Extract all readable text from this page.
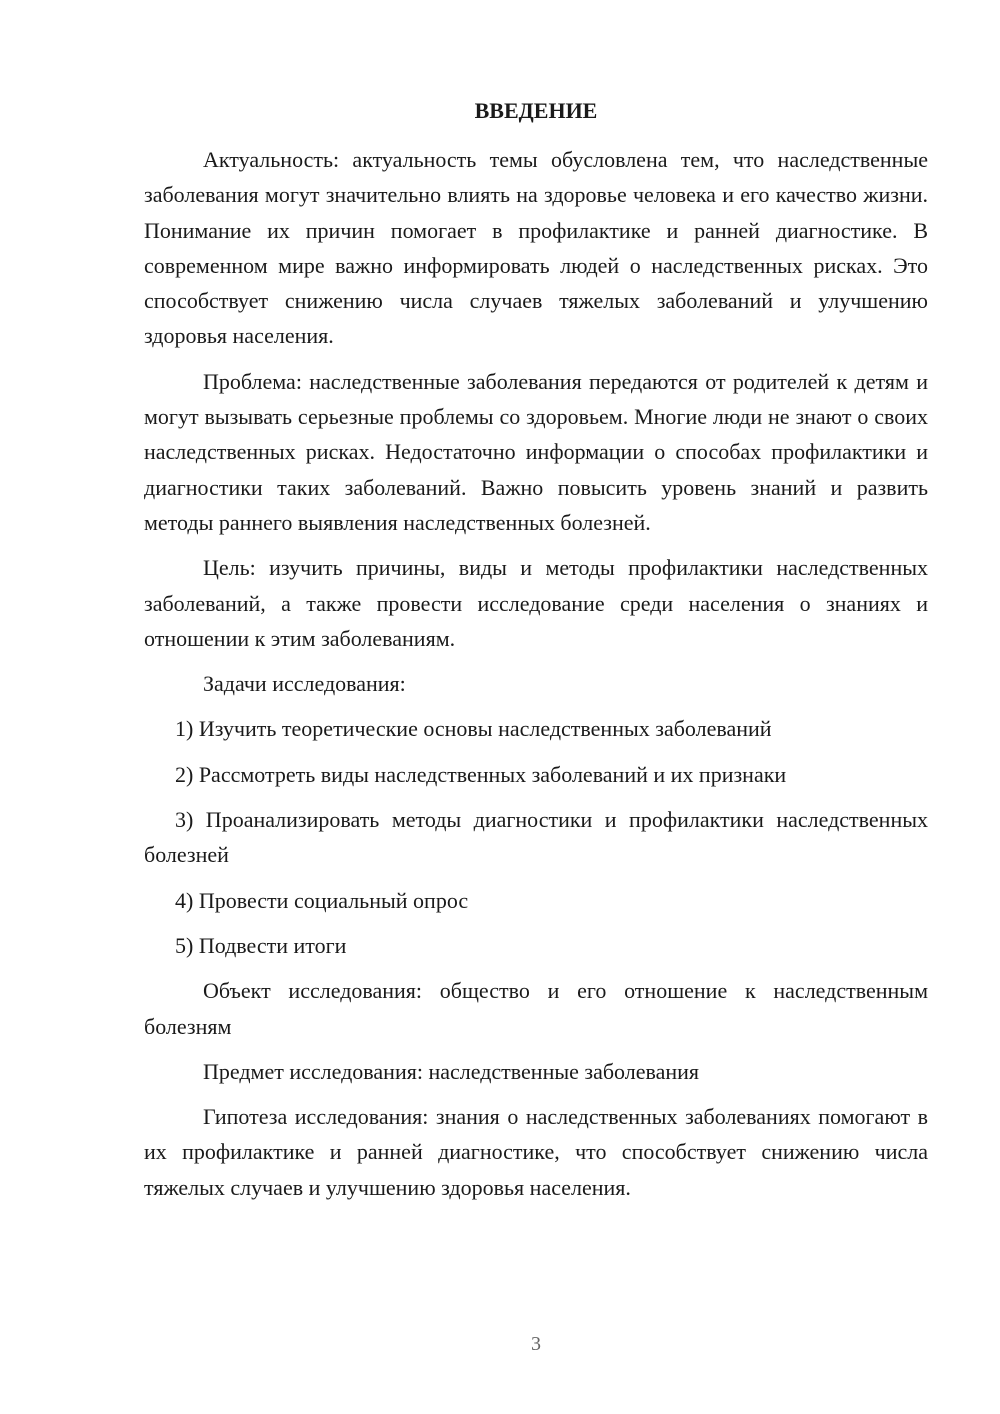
ВВЕДЕНИЕ

Актуальность: актуальность темы обусловлена тем, что наследственные заболевания могут значительно влиять на здоровье человека и его качество жизни. Понимание их причин помогает в профилактике и ранней диагностике. В современном мире важно информировать людей о наследственных рисках. Это способствует снижению числа случаев тяжелых заболеваний и улучшению здоровья населения.

Проблема: наследственные заболевания передаются от родителей к детям и могут вызывать серьезные проблемы со здоровьем. Многие люди не знают о своих наследственных рисках. Недостаточно информации о способах профилактики и диагностики таких заболеваний. Важно повысить уровень знаний и развить методы раннего выявления наследственных болезней.

Цель: изучить причины, виды и методы профилактики наследственных заболеваний, а также провести исследование среди населения о знаниях и отношении к этим заболеваниям.

Задачи исследования:

1) Изучить теоретические основы наследственных заболеваний

2) Рассмотреть виды наследственных заболеваний и их признаки

3) Проанализировать методы диагностики и профилактики наследственных болезней

4) Провести социальный опрос

5) Подвести итоги

Объект исследования: общество и его отношение к наследственным болезням

Предмет исследования: наследственные заболевания

Гипотеза исследования: знания о наследственных заболеваниях помогают в их профилактике и ранней диагностике, что способствует снижению числа тяжелых случаев и улучшению здоровья населения.

3
